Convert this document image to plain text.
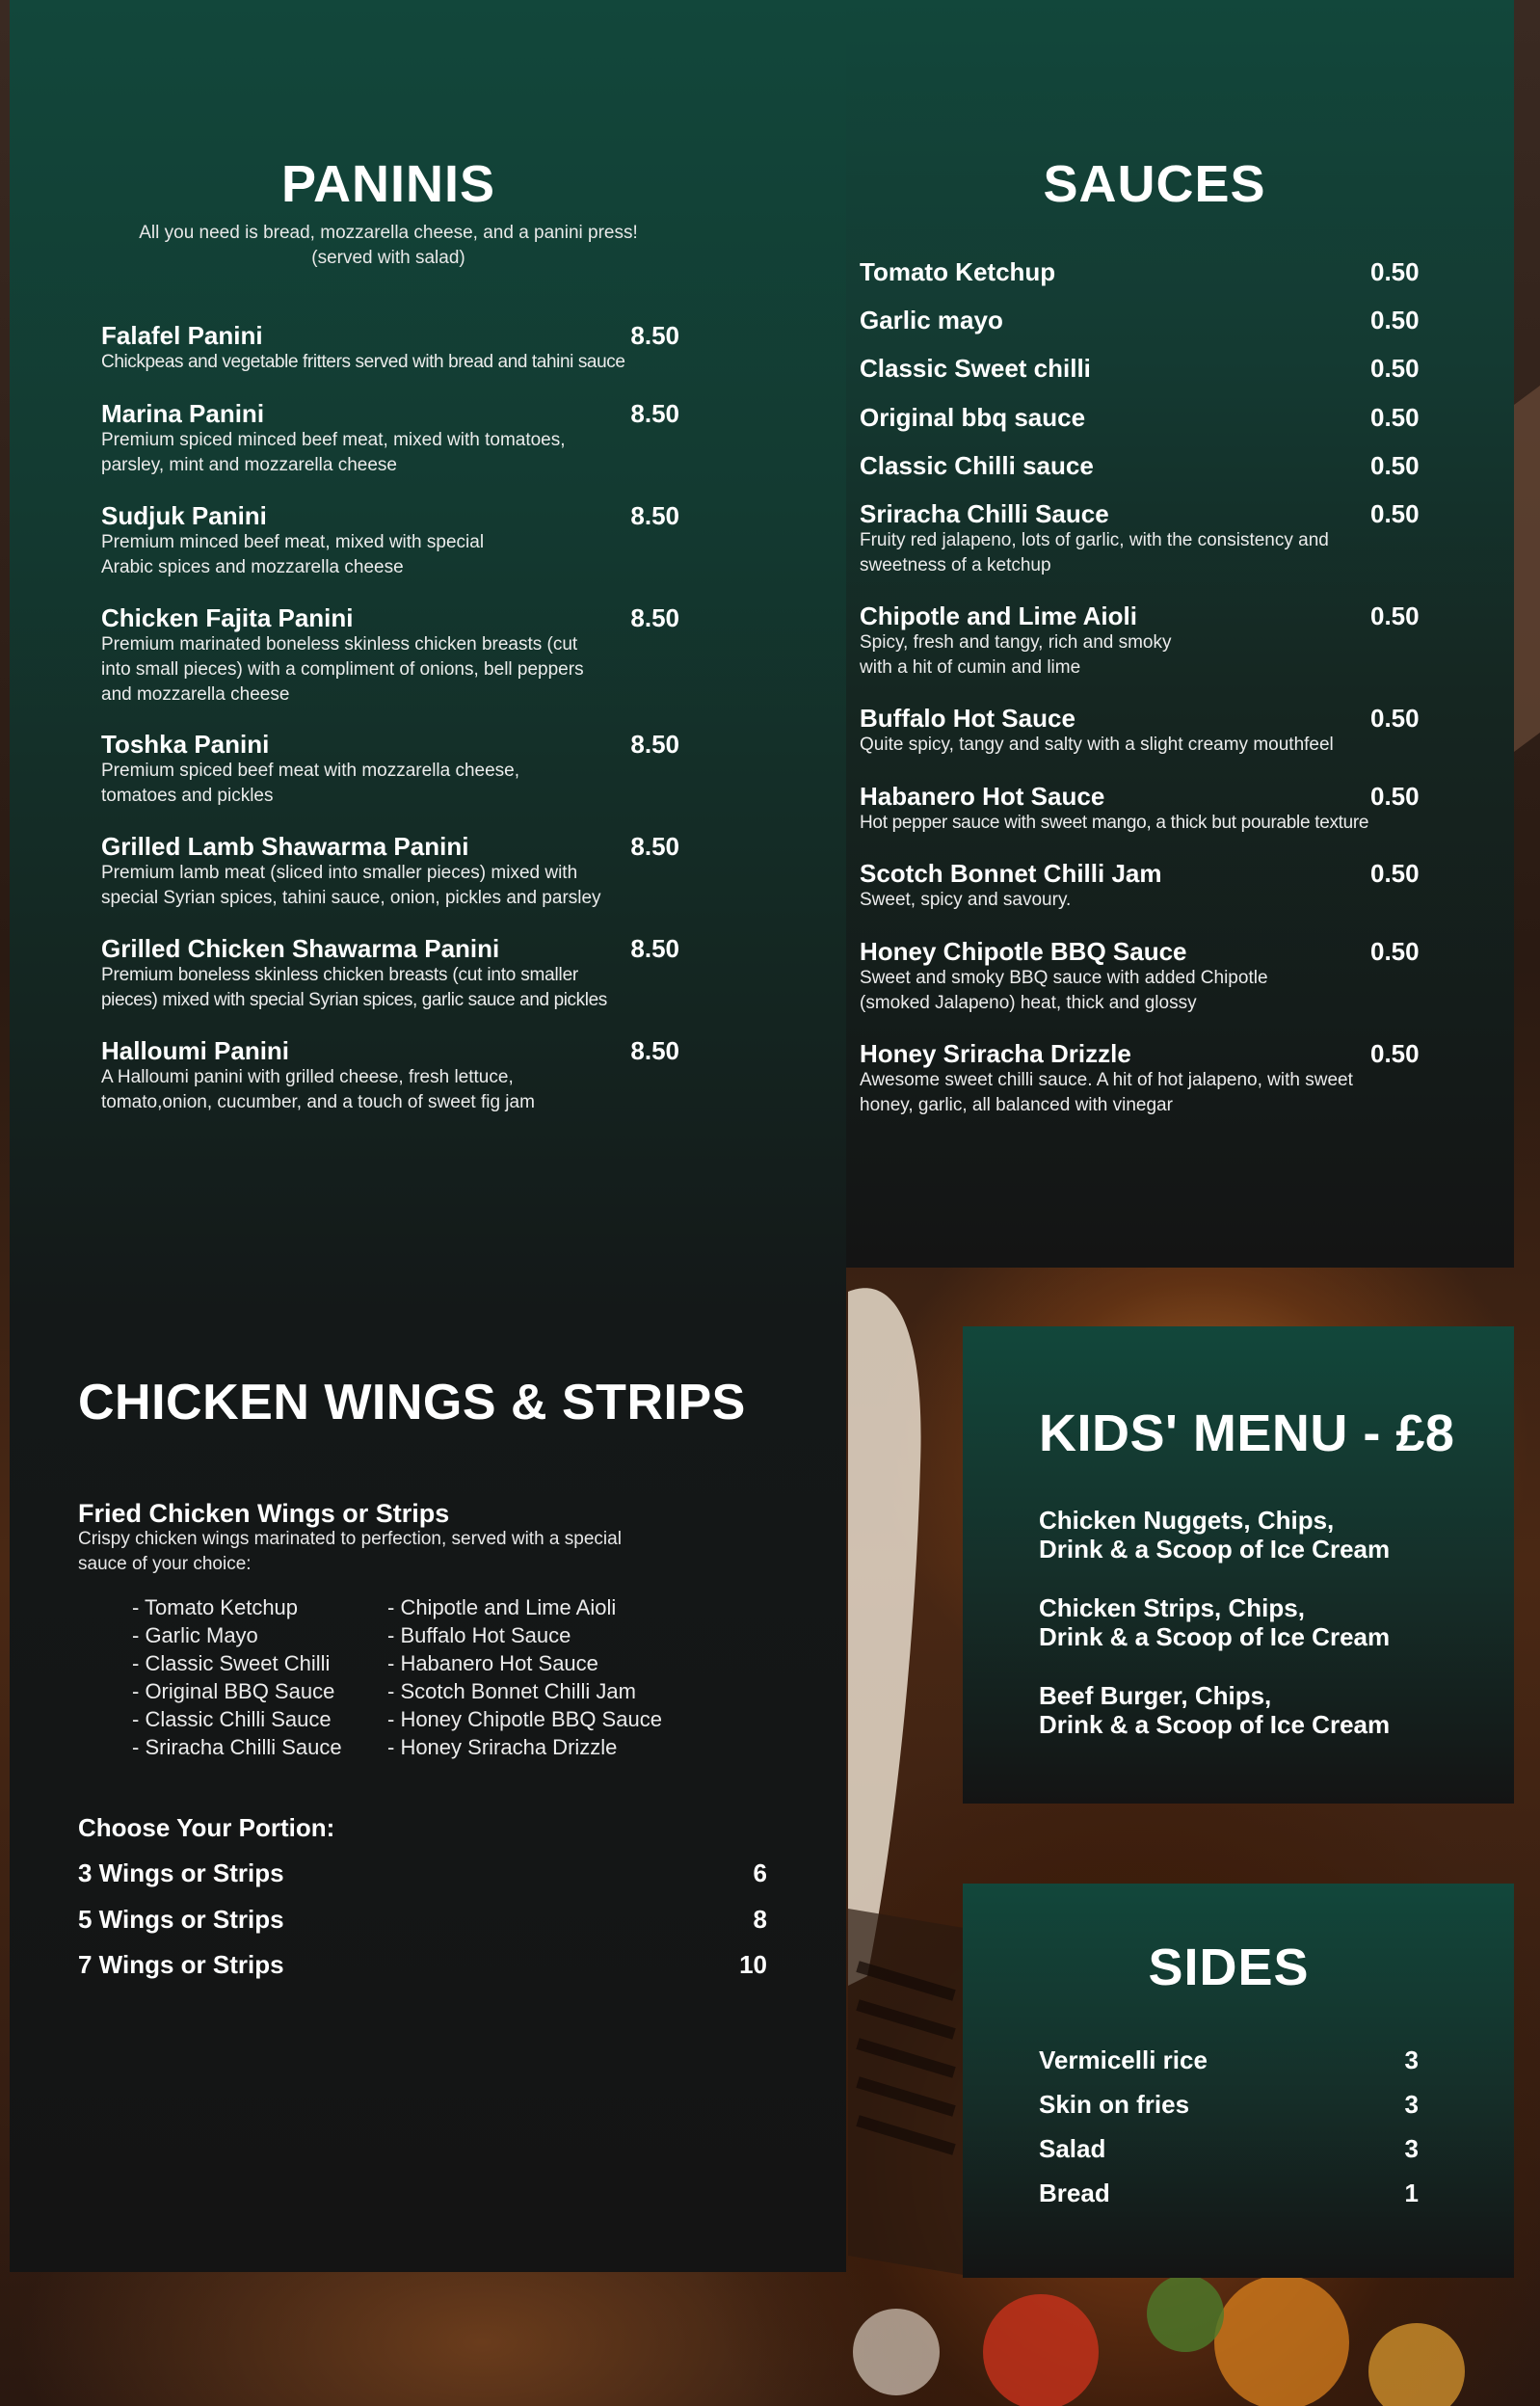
PANINIS
All you need is bread, mozzarella cheese, and a panini press!
(served with salad)
Falafel Panini	8.50
Chickpeas and vegetable fritters served with bread and tahini sauce
Marina Panini	8.50
Premium spiced minced beef meat, mixed with tomatoes,
parsley, mint and mozzarella cheese
Sudjuk Panini	8.50
Premium minced beef meat, mixed with special
Arabic spices and mozzarella cheese
Chicken Fajita Panini	8.50
Premium marinated boneless skinless chicken breasts (cut
into small pieces) with a compliment of onions, bell peppers
and mozzarella cheese
Toshka Panini	8.50
Premium spiced beef meat with mozzarella cheese,
tomatoes and pickles
Grilled Lamb Shawarma Panini	8.50
Premium lamb meat (sliced into smaller pieces) mixed with
special Syrian spices, tahini sauce, onion, pickles and parsley
Grilled Chicken Shawarma Panini	8.50
Premium boneless skinless chicken breasts (cut into smaller
pieces) mixed with special Syrian spices, garlic sauce and pickles
Halloumi Panini	8.50
A Halloumi panini with grilled cheese, fresh lettuce,
tomato,onion, cucumber, and a touch of sweet fig jam
CHICKEN WINGS & STRIPS
Fried Chicken Wings or Strips
Crispy chicken wings marinated to perfection, served with a special
sauce of your choice:
- Tomato Ketchup
- Garlic Mayo
- Classic Sweet Chilli
- Original BBQ Sauce
- Classic Chilli Sauce
- Sriracha Chilli Sauce
- Chipotle and Lime Aioli
- Buffalo Hot Sauce
- Habanero Hot Sauce
- Scotch Bonnet Chilli Jam
- Honey Chipotle BBQ Sauce
- Honey Sriracha Drizzle
Choose Your Portion:
3 Wings or Strips	6
5 Wings or Strips	8
7 Wings or Strips	10
SAUCES
Tomato Ketchup	0.50
Garlic mayo	0.50
Classic Sweet chilli	0.50
Original bbq sauce	0.50
Classic Chilli sauce	0.50
Sriracha Chilli Sauce	0.50
Fruity red jalapeno, lots of garlic, with the consistency and
sweetness of a ketchup
Chipotle and Lime Aioli	0.50
Spicy, fresh and tangy, rich and smoky
with a hit of cumin and lime
Buffalo Hot Sauce	0.50
Quite spicy, tangy and salty with a slight creamy mouthfeel
Habanero Hot Sauce	0.50
Hot pepper sauce with sweet mango, a thick but pourable texture
Scotch Bonnet Chilli Jam	0.50
Sweet, spicy and savoury.
Honey Chipotle BBQ Sauce	0.50
Sweet and smoky BBQ sauce with added Chipotle
(smoked Jalapeno) heat, thick and glossy
Honey Sriracha Drizzle	0.50
Awesome sweet chilli sauce. A hit of hot jalapeno, with sweet
honey, garlic, all balanced with vinegar
KIDS' MENU - £8
Chicken Nuggets, Chips,
Drink & a Scoop of Ice Cream
Chicken Strips, Chips,
Drink & a Scoop of Ice Cream
Beef Burger, Chips,
Drink & a Scoop of Ice Cream
SIDES
Vermicelli rice	3
Skin on fries	3
Salad	3
Bread	1
